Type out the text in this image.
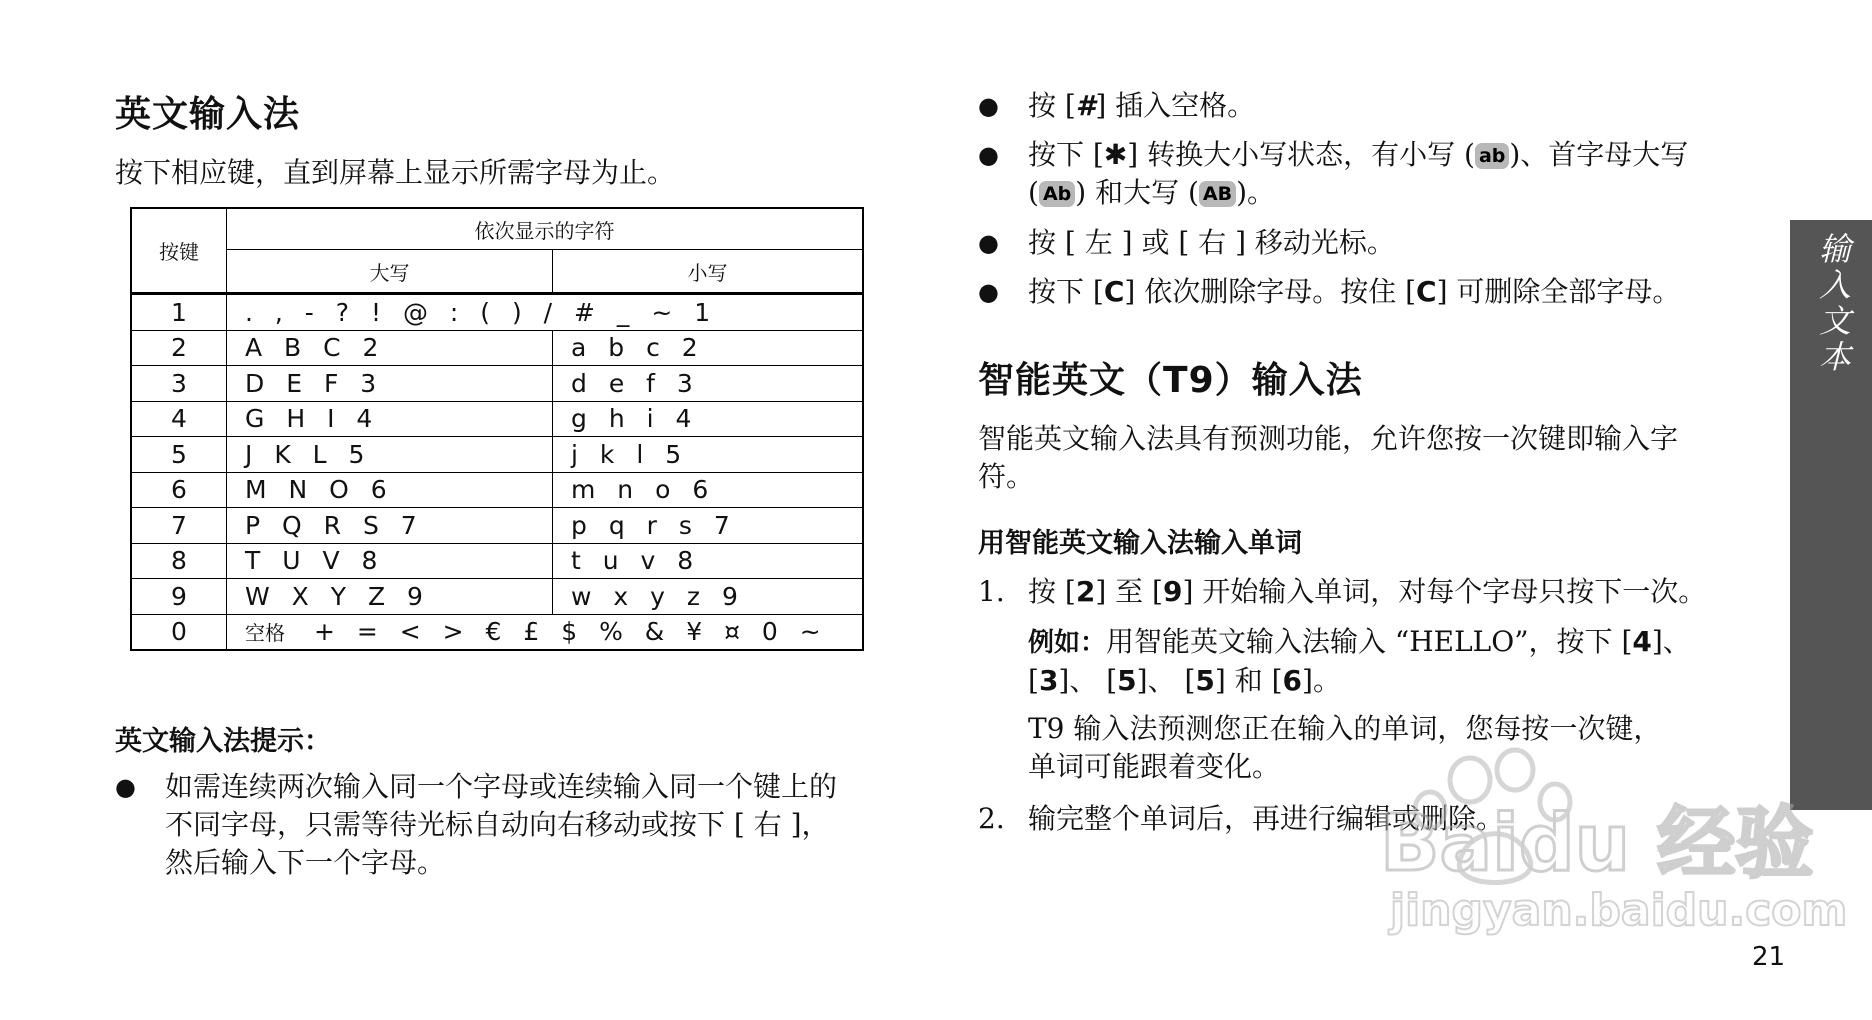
英文输入法
按下相应键，直到屏幕上显示所需字母为止。
按键	依次显示的字符	
	大写	小写
1	. , - ? ! @ : ( ) / # _ ~ 1	
2	A B C 2	a b c 2
3	D E F 3	d e f 3
4	G H I 4	g h i 4
5	J K L 5	j k l 5
6	M N O 6	m n o 6
7	P Q R S 7	p q r s 7
8	T U V 8	t u v 8
9	W X Y Z 9	w x y z 9
0	空格 + = < > € £ $ % & ¥ ¤ 0 ~	
英文输入法提示：
● 如需连续两次输入同一个字母或连续输入同一个键上的
不同字母，只需等待光标自动向右移动或按下 [ 右 ]，
然后输入下一个字母。
● 按 [#] 插入空格。
● 按下 [✱] 转换大小写状态，有小写 ( ab )、首字母大写
( Ab ) 和大写 ( AB )。
● 按 [ 左 ] 或 [ 右 ] 移动光标。
● 按下 [C] 依次删除字母。按住 [C] 可删除全部字母。
智能英文（T9）输入法
智能英文输入法具有预测功能，允许您按一次键即输入字
符。
用智能英文输入法输入单词
1. 按 [2] 至 [9] 开始输入单词，对每个字母只按下一次。
例如：用智能英文输入法输入 “HELLO”，按下 [4]、
[3]、 [5]、 [5] 和 [6]。
T9 输入法预测您正在输入的单词，您每按一次键，
单词可能跟着变化。
2. 输完整个单词后，再进行编辑或删除。
输入文本
Baidu 经验
jingyan.baidu.com
21
